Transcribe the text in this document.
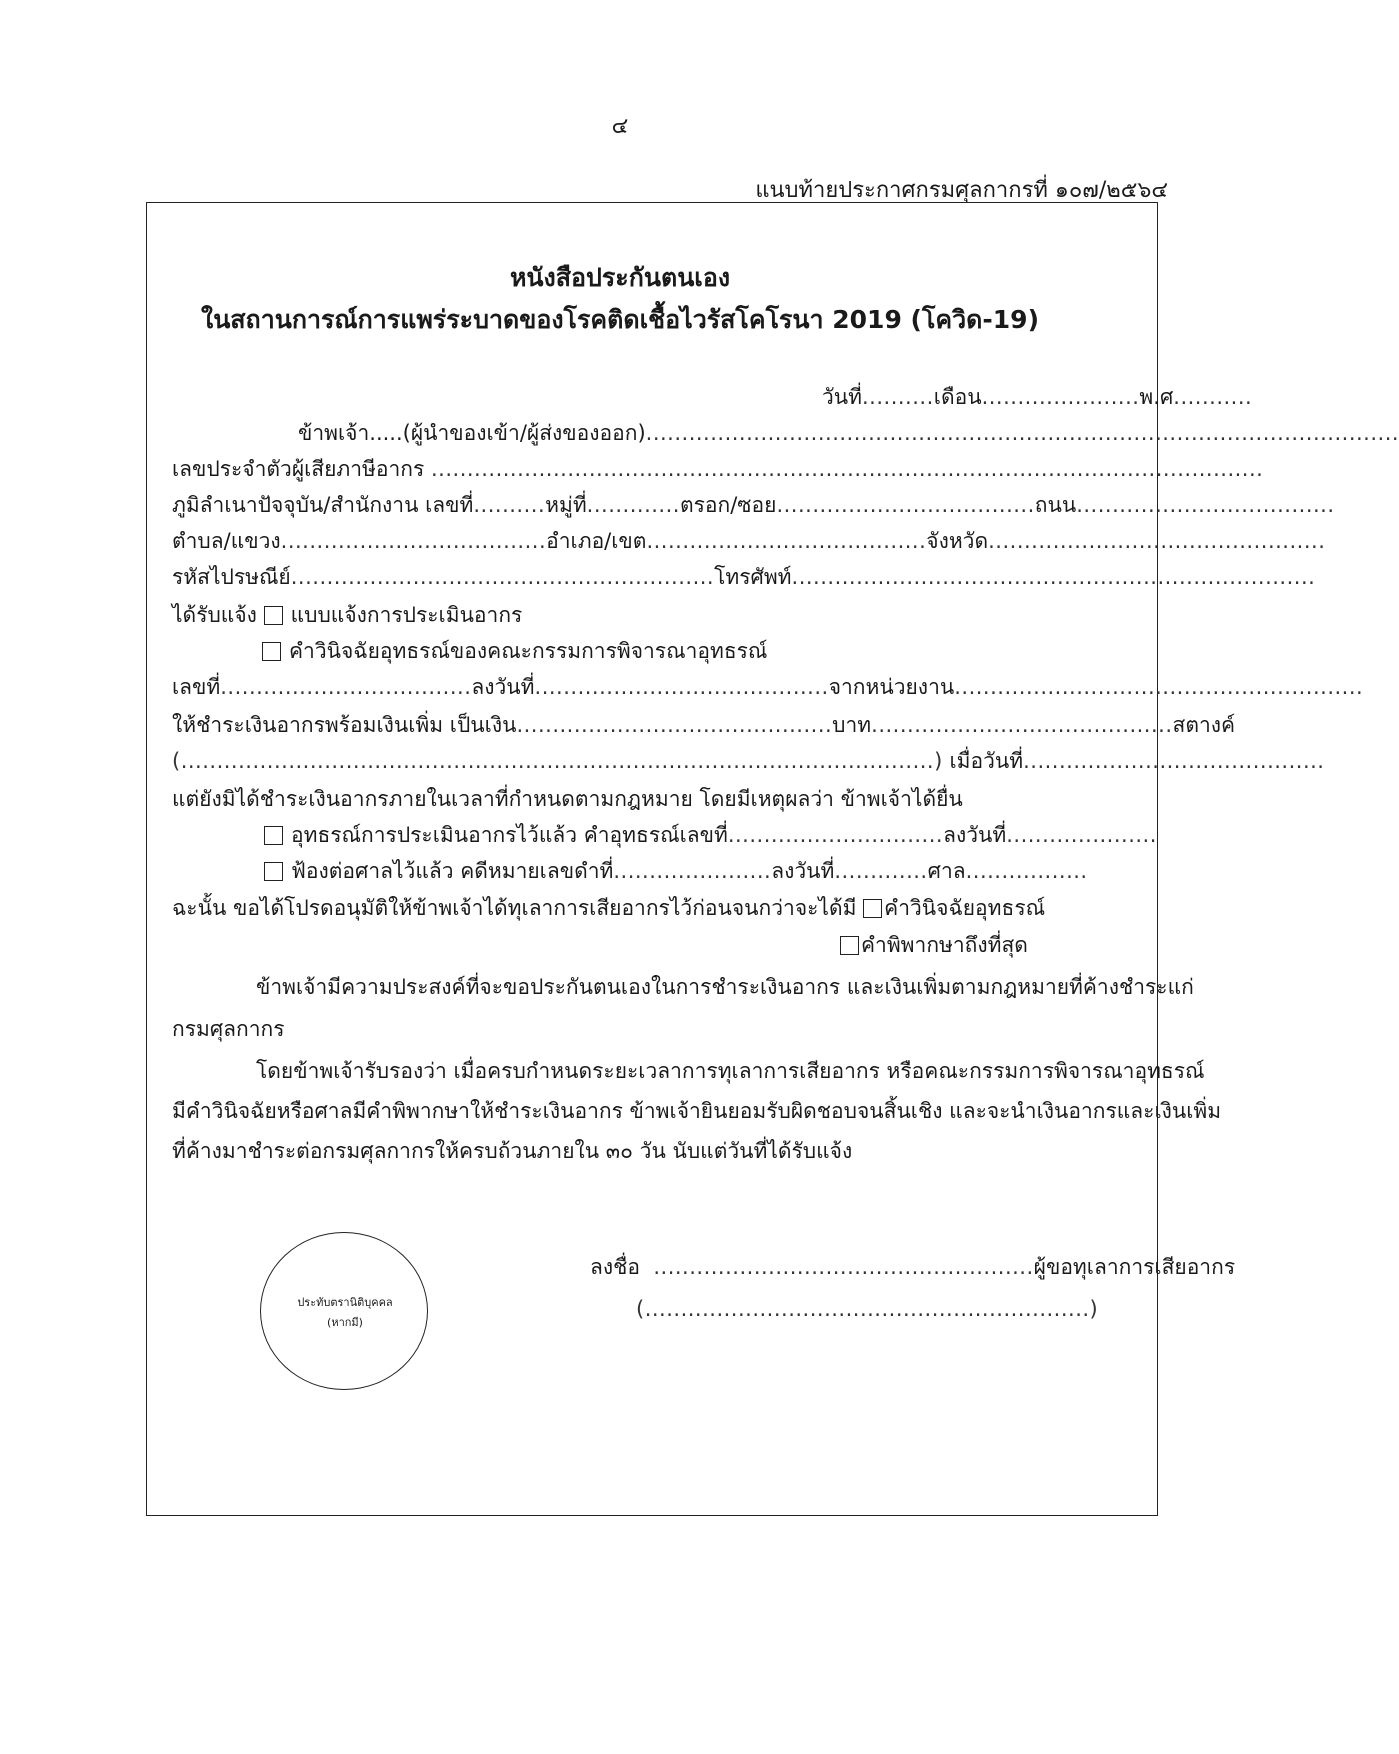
๔
แนบท้ายประกาศกรมศุลกากรที่ ๑๐๗/๒๕๖๔
หนังสือประกันตนเอง
ในสถานการณ์การแพร่ระบาดของโรคติดเชื้อไวรัสโคโรนา 2019 (โควิด-19)
วันที่..........เดือน......................พ.ศ...........
ข้าพเจ้า.....(ผู้นำของเข้า/ผู้ส่งของออก).........................................................................................................
เลขประจำตัวผู้เสียภาษีอากร ....................................................................................................................
ภูมิลำเนาปัจจุบัน/สำนักงาน เลขที่..........หมู่ที่.............ตรอก/ซอย....................................ถนน....................................
ตำบล/แขวง.....................................อำเภอ/เขต.......................................จังหวัด...............................................
รหัสไปรษณีย์...........................................................โทรศัพท์.........................................................................
ได้รับแจ้ง แบบแจ้งการประเมินอากร
คำวินิจฉัยอุทธรณ์ของคณะกรรมการพิจารณาอุทธรณ์
เลขที่...................................ลงวันที่.........................................จากหน่วยงาน.........................................................
ให้ชำระเงินอากรพร้อมเงินเพิ่ม เป็นเงิน............................................บาท..........................................สตางค์
(.........................................................................................................) เมื่อวันที่..........................................
แต่ยังมิได้ชำระเงินอากรภายในเวลาที่กำหนดตามกฎหมาย โดยมีเหตุผลว่า ข้าพเจ้าได้ยื่น
อุทธรณ์การประเมินอากรไว้แล้ว คำอุทธรณ์เลขที่..............................ลงวันที่.....................
ฟ้องต่อศาลไว้แล้ว คดีหมายเลขดำที่......................ลงวันที่.............ศาล.................
ฉะนั้น ขอได้โปรดอนุมัติให้ข้าพเจ้าได้ทุเลาการเสียอากรไว้ก่อนจนกว่าจะได้มี คำวินิจฉัยอุทธรณ์
คำพิพากษาถึงที่สุด
ข้าพเจ้ามีความประสงค์ที่จะขอประกันตนเองในการชำระเงินอากร และเงินเพิ่มตามกฎหมายที่ค้างชำระแก่
กรมศุลกากร
โดยข้าพเจ้ารับรองว่า เมื่อครบกำหนดระยะเวลาการทุเลาการเสียอากร หรือคณะกรรมการพิจารณาอุทธรณ์
มีคำวินิจฉัยหรือศาลมีคำพิพากษาให้ชำระเงินอากร ข้าพเจ้ายินยอมรับผิดชอบจนสิ้นเชิง และจะนำเงินอากรและเงินเพิ่ม
ที่ค้างมาชำระต่อกรมศุลกากรให้ครบถ้วนภายใน ๓๐ วัน นับแต่วันที่ได้รับแจ้ง
ประทับตรานิติบุคคล
(หากมี)
ลงชื่อ .....................................................ผู้ขอทุเลาการเสียอากร
(..............................................................)
